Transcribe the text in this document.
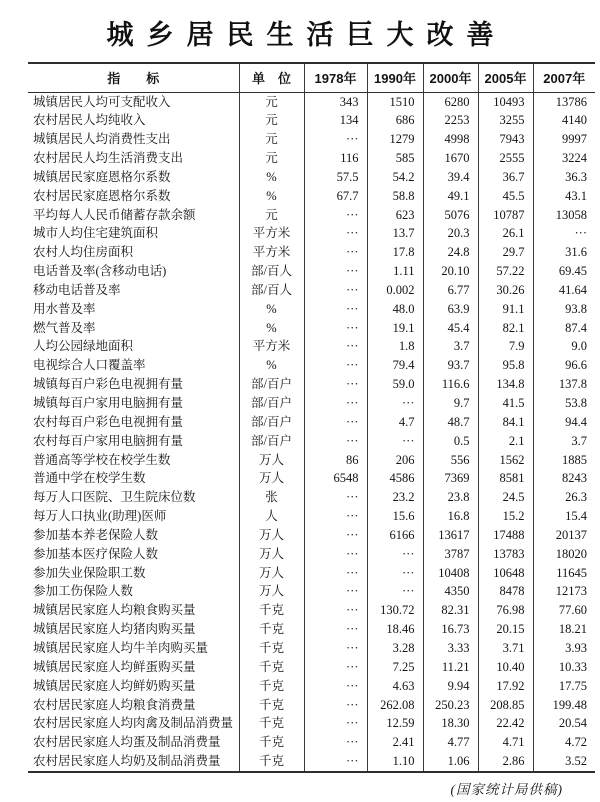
城乡居民生活巨大改善
指　　标	单　位	1978年	1990年	2000年	2005年	2007年
城镇居民人均可支配收入	元	343	1510	6280	10493	13786
农村居民人均纯收入	元	134	686	2253	3255	4140
城镇居民人均消费性支出	元	···	1279	4998	7943	9997
农村居民人均生活消费支出	元	116	585	1670	2555	3224
城镇居民家庭恩格尔系数	%	57.5	54.2	39.4	36.7	36.3
农村居民家庭恩格尔系数	%	67.7	58.8	49.1	45.5	43.1
平均每人人民币储蓄存款余额	元	···	623	5076	10787	13058
城市人均住宅建筑面积	平方米	···	13.7	20.3	26.1	···
农村人均住房面积	平方米	···	17.8	24.8	29.7	31.6
电话普及率(含移动电话)	部/百人	···	1.11	20.10	57.22	69.45
移动电话普及率	部/百人	···	0.002	6.77	30.26	41.64
用水普及率	%	···	48.0	63.9	91.1	93.8
燃气普及率	%	···	19.1	45.4	82.1	87.4
人均公园绿地面积	平方米	···	1.8	3.7	7.9	9.0
电视综合人口覆盖率	%	···	79.4	93.7	95.8	96.6
城镇每百户彩色电视拥有量	部/百户	···	59.0	116.6	134.8	137.8
城镇每百户家用电脑拥有量	部/百户	···	···	9.7	41.5	53.8
农村每百户彩色电视拥有量	部/百户	···	4.7	48.7	84.1	94.4
农村每百户家用电脑拥有量	部/百户	···	···	0.5	2.1	3.7
普通高等学校在校学生数	万人	86	206	556	1562	1885
普通中学在校学生数	万人	6548	4586	7369	8581	8243
每万人口医院、卫生院床位数	张	···	23.2	23.8	24.5	26.3
每万人口执业(助理)医师	人	···	15.6	16.8	15.2	15.4
参加基本养老保险人数	万人	···	6166	13617	17488	20137
参加基本医疗保险人数	万人	···	···	3787	13783	18020
参加失业保险职工数	万人	···	···	10408	10648	11645
参加工伤保险人数	万人	···	···	4350	8478	12173
城镇居民家庭人均粮食购买量	千克	···	130.72	82.31	76.98	77.60
城镇居民家庭人均猪肉购买量	千克	···	18.46	16.73	20.15	18.21
城镇居民家庭人均牛羊肉购买量	千克	···	3.28	3.33	3.71	3.93
城镇居民家庭人均鲜蛋购买量	千克	···	7.25	11.21	10.40	10.33
城镇居民家庭人均鲜奶购买量	千克	···	4.63	9.94	17.92	17.75
农村居民家庭人均粮食消费量	千克	···	262.08	250.23	208.85	199.48
农村居民家庭人均肉禽及制品消费量	千克	···	12.59	18.30	22.42	20.54
农村居民家庭人均蛋及制品消费量	千克	···	2.41	4.77	4.71	4.72
农村居民家庭人均奶及制品消费量	千克	···	1.10	1.06	2.86	3.52
(国家统计局供稿)
